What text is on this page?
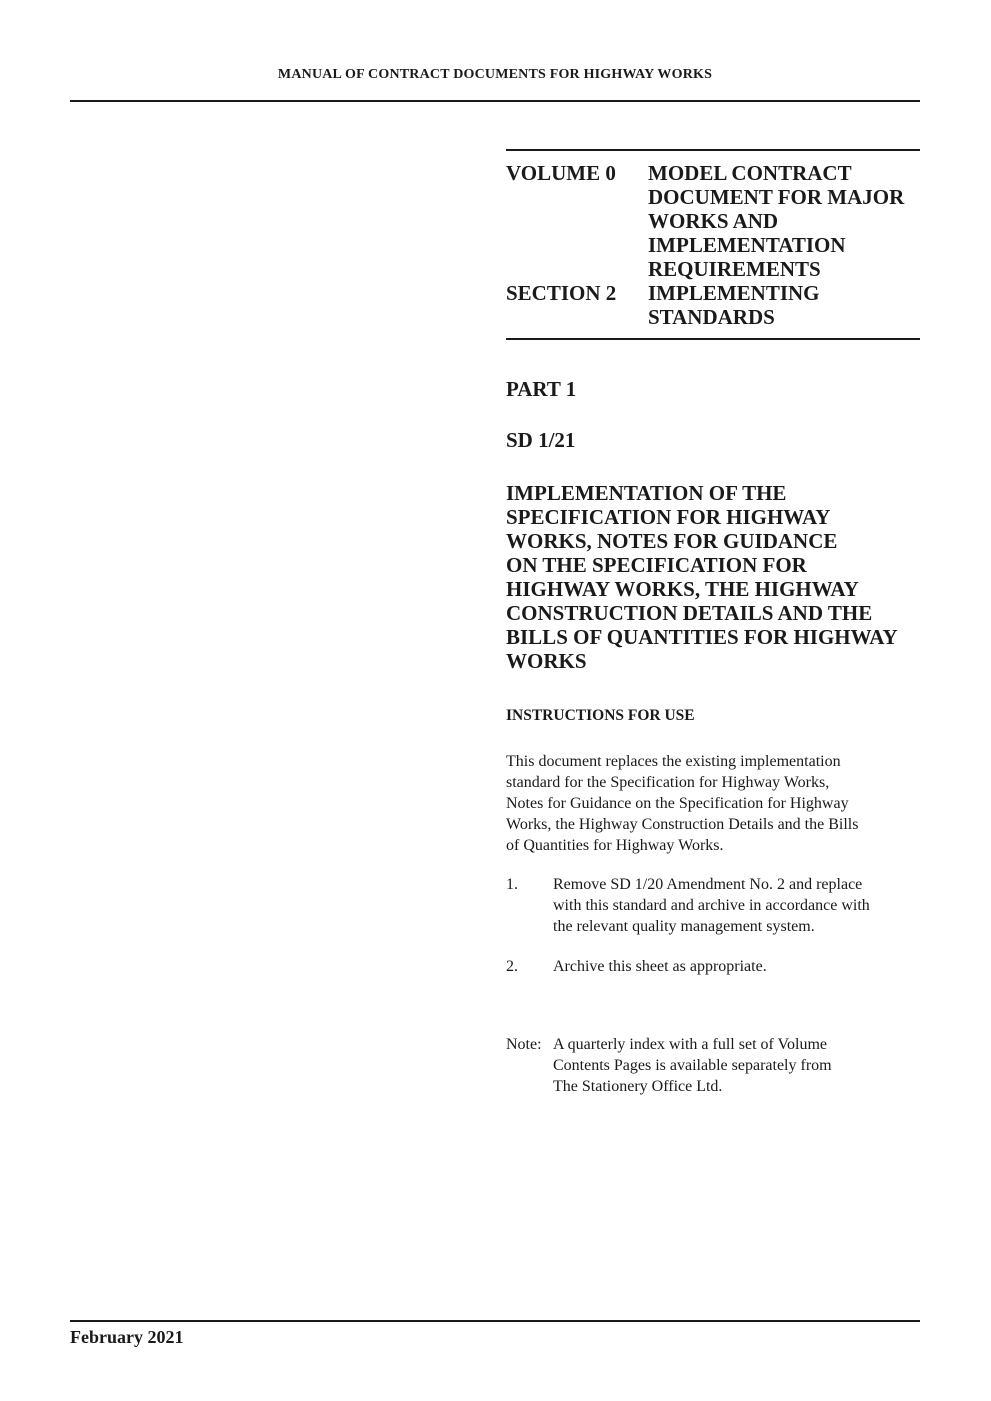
MANUAL OF CONTRACT DOCUMENTS FOR HIGHWAY WORKS
VOLUME 0 MODEL CONTRACT DOCUMENT FOR MAJOR WORKS AND IMPLEMENTATION REQUIREMENTS
SECTION 2 IMPLEMENTING STANDARDS
PART 1
SD 1/21
IMPLEMENTATION OF THE
SPECIFICATION FOR HIGHWAY
WORKS, NOTES FOR GUIDANCE
ON THE SPECIFICATION FOR
HIGHWAY WORKS, THE HIGHWAY
CONSTRUCTION DETAILS AND THE
BILLS OF QUANTITIES FOR HIGHWAY
WORKS
INSTRUCTIONS FOR USE
This document replaces the existing implementation
standard for the Specification for Highway Works,
Notes for Guidance on the Specification for Highway
Works, the Highway Construction Details and the Bills
of Quantities for Highway Works.
1. Remove SD 1/20 Amendment No. 2 and replace
with this standard and archive in accordance with
the relevant quality management system.
2. Archive this sheet as appropriate.
Note: A quarterly index with a full set of Volume
Contents Pages is available separately from
The Stationery Office Ltd.
February 2021
